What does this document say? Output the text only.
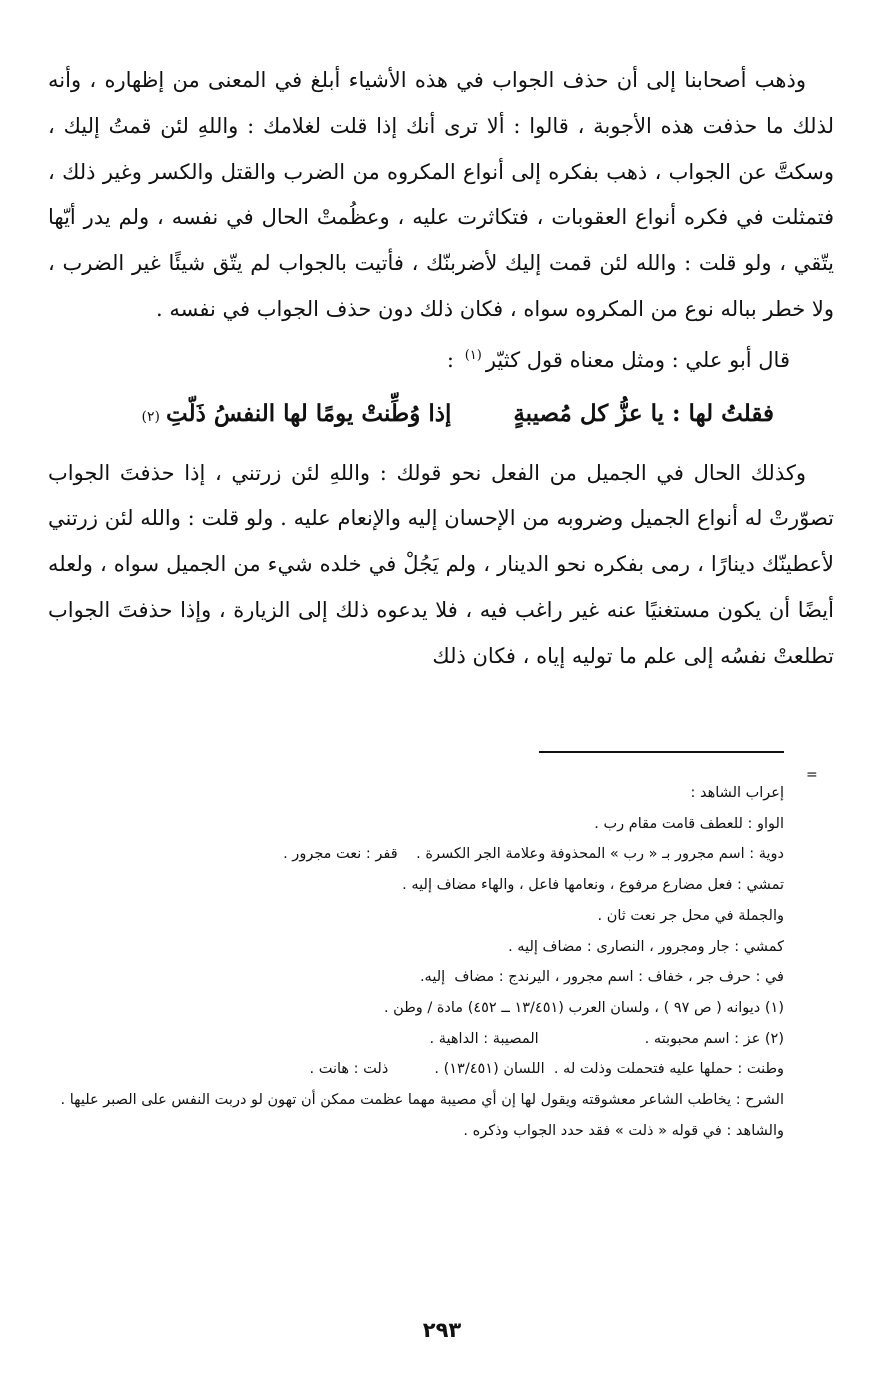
وذهب أصحابنا إلى أن حذف الجواب في هذه الأشياء أبلغ في المعنى من إظهاره ، وأنه لذلك ما حذفت هذه الأجوبة ، قالوا : ألا ترى أنك إذا قلت لغلامك : واللهِ لئن قمتُ إليك ، وسكتَّ عن الجواب ، ذهب بفكره إلى أنواع المكروه من الضرب والقتل والكسر وغير ذلك ، فتمثلت في فكره أنواع العقوبات ، فتكاثرت عليه ، وعظُمتْ الحال في نفسه ، ولم يدر أيّها يتّقي ، ولو قلت : والله لئن قمت إليك لأضربنّك ، فأتيت بالجواب لم يتّق شيئًا غير الضرب ، ولا خطر بباله نوع من المكروه سواه ، فكان ذلك دون حذف الجواب في نفسه .

قال أبو علي : ومثل معناه قول كثيّر$^{(١)}$ :

فقلتُ لها : يا عزُّ كل مُصيبةٍ
إذا وُطِّنتْ يومًا لها النفسُ ذَلّتِ
(٢)

وكذلك الحال في الجميل من الفعل نحو قولك : واللهِ لئن زرتني ، إذا حذفتَ الجواب تصوّرتْ له أنواع الجميل وضروبه من الإحسان إليه والإنعام عليه . ولو قلت : والله لئن زرتني لأعطينّك دينارًا ، رمى بفكره نحو الدينار ، ولم يَجُلْ في خلده شيء من الجميل سواه ، ولعله أيضًا أن يكون مستغنيًا عنه غير راغب فيه ، فلا يدعوه ذلك إلى الزيارة ، وإذا حذفتَ الجواب تطلعتْ نفسُه إلى علم ما توليه إياه ، فكان ذلك

=
إعراب الشاهد :
الواو : للعطف قامت مقام رب .
دوية : اسم مجرور بـ « رب » المحذوفة وعلامة الجر الكسرة .    قفر : نعت مجرور .
تمشي : فعل مضارع مرفوع ، ونعامها فاعل ، والهاء مضاف إليه .
والجملة في محل جر نعت ثان .
كمشي : جار ومجرور ، النصارى : مضاف إليه .
في : حرف جر ، خفاف : اسم مجرور ، اليرندج : مضاف  إليه.
(١) ديوانه ( ص ٩٧ ) ، ولسان العرب (١٣/٤٥١ ــ ٤٥٢) مادة / وطن .
(٢) عز : اسم محبوبته .                       المصيبة : الداهية .
وطنت : حملها عليه فتحملت وذلت له .  اللسان (١٣/٤٥١) .          ذلت : هانت .
الشرح : يخاطب الشاعر معشوقته ويقول لها إن أي مصيبة مهما عظمت ممكن أن تهون لو دربت النفس على الصبر عليها .
والشاهد : في قوله « ذلت » فقد حدد الجواب وذكره .
٢٩٣
